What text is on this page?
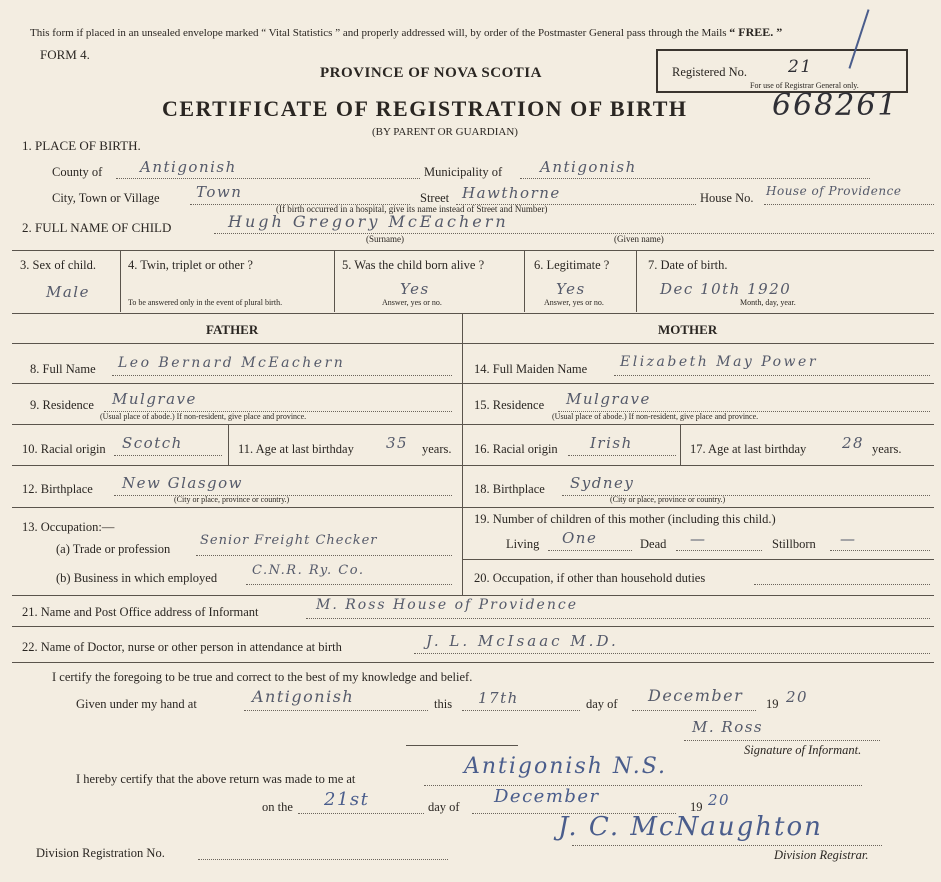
This form if placed in an unsealed envelope marked “ Vital Statistics ” and properly addressed will, by order of the Postmaster General pass through the Mails “ FREE. ”
FORM 4.
PROVINCE OF NOVA SCOTIA	Registered No. 21
For use of Registrar General only.
CERTIFICATE OF REGISTRATION OF BIRTH	668261
(BY PARENT OR GUARDIAN)
1. PLACE OF BIRTH.
County of	Antigonish	Municipality of	Antigonish
City, Town or Village Town	Street Hawthorne	House No. House of Providence
(If birth occurred in a hospital, give its name instead of Street and Number)
2. FULL NAME OF CHILD	Hugh Gregory McEachern
(Surname)	(Given name)
3. Sex of child.
Male
4. Twin, triplet or other ?
To be answered only in the event of plural birth.
5. Was the child born alive ?
Yes
Answer, yes or no.
6. Legitimate ?
Yes
Answer, yes or no.
7. Date of birth.
Dec 10th 1920
Month, day, year.
FATHER	MOTHER
8. Full Name Leo Bernard McEachern	14. Full Maiden Name Elizabeth May Power
9. Residence Mulgrave
(Usual place of abode.) If non-resident, give place and province.
15. Residence Mulgrave
(Usual place of abode.) If non-resident, give place and province.
10. Racial origin Scotch	11. Age at last birthday 35 years. 16. Racial origin Irish	17. Age at last birthday 28 years.
12. Birthplace New Glasgow
(City or place, province or country.)
18. Birthplace Sydney
(City or place, province or country.)
13. Occupation:—
(a) Trade or profession
Senior Freight Checker
(b) Business in which employed	C.N.R. Ry. Co.
19. Number of children of this mother (including this child.)
Living One	Dead —	Stillborn —
20. Occupation, if other than household duties
21. Name and Post Office address of Informant	M. Ross House of Providence
22. Name of Doctor, nurse or other person in attendance at birth	J. L. McIsaac M.D.
I certify the foregoing to be true and correct to the best of my knowledge and belief.
Given under my hand at	Antigonish	this 17th	day of December 19 20
M. Ross
Signature of Informant.
I hereby certify that the above return was made to me at	Antigonish N.S.
on the 21st	day of December	19 20
J. C. McNaughton
Division Registration No.	Division Registrar.
